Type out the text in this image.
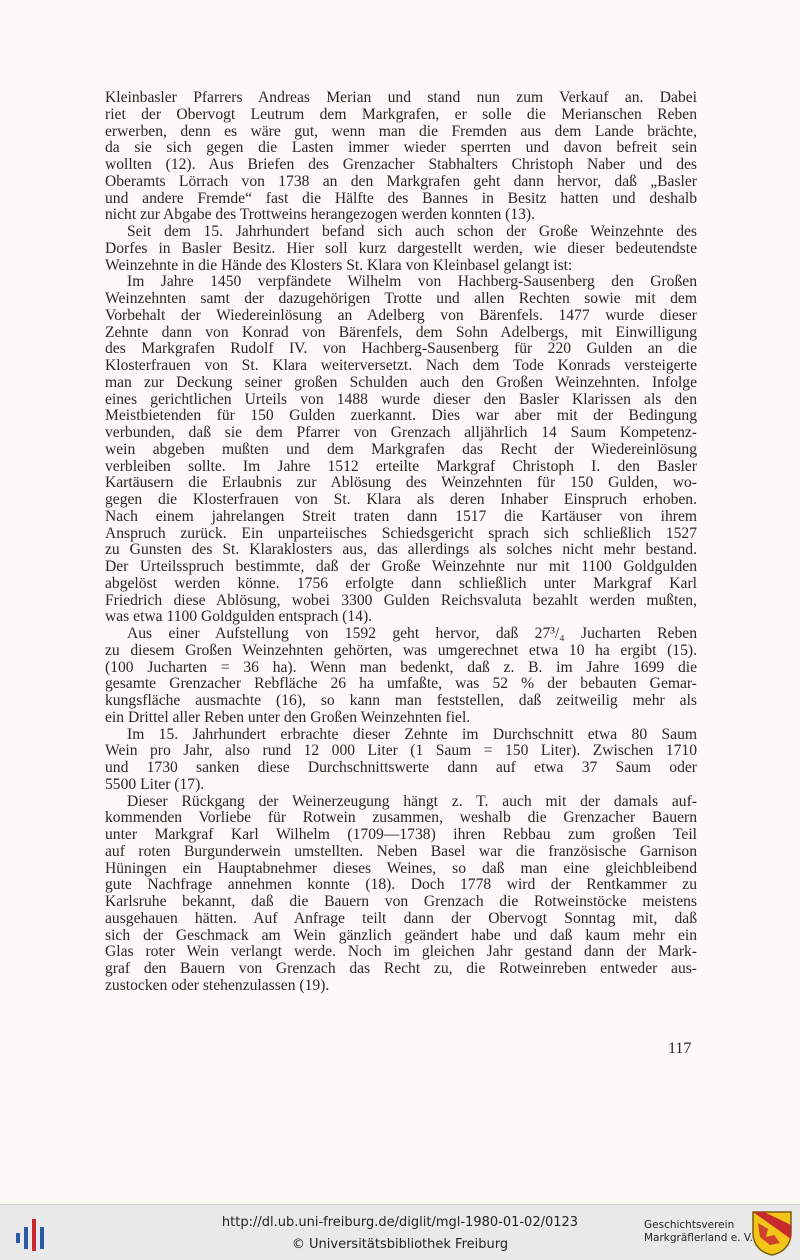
Kleinbasler Pfarrers Andreas Merian und stand nun zum Verkauf an. Dabei
riet der Obervogt Leutrum dem Markgrafen, er solle die Merianschen Reben
erwerben, denn es wäre gut, wenn man die Fremden aus dem Lande brächte,
da sie sich gegen die Lasten immer wieder sperrten und davon befreit sein
wollten (12). Aus Briefen des Grenzacher Stabhalters Christoph Naber und des
Oberamts Lörrach von 1738 an den Markgrafen geht dann hervor, daß „Basler
und andere Fremde“ fast die Hälfte des Bannes in Besitz hatten und deshalb
nicht zur Abgabe des Trottweins herangezogen werden konnten (13).
Seit dem 15. Jahrhundert befand sich auch schon der Große Weinzehnte des
Dorfes in Basler Besitz. Hier soll kurz dargestellt werden, wie dieser bedeutendste
Weinzehnte in die Hände des Klosters St. Klara von Kleinbasel gelangt ist:
Im Jahre 1450 verpfändete Wilhelm von Hachberg-Sausenberg den Großen
Weinzehnten samt der dazugehörigen Trotte und allen Rechten sowie mit dem
Vorbehalt der Wiedereinlösung an Adelberg von Bärenfels. 1477 wurde dieser
Zehnte dann von Konrad von Bärenfels, dem Sohn Adelbergs, mit Einwilligung
des Markgrafen Rudolf IV. von Hachberg-Sausenberg für 220 Gulden an die
Klosterfrauen von St. Klara weiterversetzt. Nach dem Tode Konrads versteigerte
man zur Deckung seiner großen Schulden auch den Großen Weinzehnten. Infolge
eines gerichtlichen Urteils von 1488 wurde dieser den Basler Klarissen als den
Meistbietenden für 150 Gulden zuerkannt. Dies war aber mit der Bedingung
verbunden, daß sie dem Pfarrer von Grenzach alljährlich 14 Saum Kompetenz-
wein abgeben mußten und dem Markgrafen das Recht der Wiedereinlösung
verbleiben sollte. Im Jahre 1512 erteilte Markgraf Christoph I. den Basler
Kartäusern die Erlaubnis zur Ablösung des Weinzehnten für 150 Gulden, wo-
gegen die Klosterfrauen von St. Klara als deren Inhaber Einspruch erhoben.
Nach einem jahrelangen Streit traten dann 1517 die Kartäuser von ihrem
Anspruch zurück. Ein unparteiisches Schiedsgericht sprach sich schließlich 1527
zu Gunsten des St. Klaraklosters aus, das allerdings als solches nicht mehr bestand.
Der Urteilsspruch bestimmte, daß der Große Weinzehnte nur mit 1100 Goldgulden
abgelöst werden könne. 1756 erfolgte dann schließlich unter Markgraf Karl
Friedrich diese Ablösung, wobei 3300 Gulden Reichsvaluta bezahlt werden mußten,
was etwa 1100 Goldgulden entsprach (14).
Aus einer Aufstellung von 1592 geht hervor, daß 27³/₄ Jucharten Reben
zu diesem Großen Weinzehnten gehörten, was umgerechnet etwa 10 ha ergibt (15).
(100 Jucharten = 36 ha). Wenn man bedenkt, daß z. B. im Jahre 1699 die
gesamte Grenzacher Rebfläche 26 ha umfaßte, was 52 % der bebauten Gemar-
kungsfläche ausmachte (16), so kann man feststellen, daß zeitweilig mehr als
ein Drittel aller Reben unter den Großen Weinzehnten fiel.
Im 15. Jahrhundert erbrachte dieser Zehnte im Durchschnitt etwa 80 Saum
Wein pro Jahr, also rund 12 000 Liter (1 Saum = 150 Liter). Zwischen 1710
und 1730 sanken diese Durchschnittswerte dann auf etwa 37 Saum oder
5500 Liter (17).
Dieser Rückgang der Weinerzeugung hängt z. T. auch mit der damals auf-
kommenden Vorliebe für Rotwein zusammen, weshalb die Grenzacher Bauern
unter Markgraf Karl Wilhelm (1709—1738) ihren Rebbau zum großen Teil
auf roten Burgunderwein umstellten. Neben Basel war die französische Garnison
Hüningen ein Hauptabnehmer dieses Weines, so daß man eine gleichbleibend
gute Nachfrage annehmen konnte (18). Doch 1778 wird der Rentkammer zu
Karlsruhe bekannt, daß die Bauern von Grenzach die Rotweinstöcke meistens
ausgehauen hätten. Auf Anfrage teilt dann der Obervogt Sonntag mit, daß
sich der Geschmack am Wein gänzlich geändert habe und daß kaum mehr ein
Glas roter Wein verlangt werde. Noch im gleichen Jahr gestand dann der Mark-
graf den Bauern von Grenzach das Recht zu, die Rotweinreben entweder aus-
zustocken oder stehenzulassen (19).
117
http://dl.ub.uni-freiburg.de/diglit/mgl-1980-01-02/0123
© Universitätsbibliothek Freiburg
Geschichtsverein
Markgräflerland e. V.
